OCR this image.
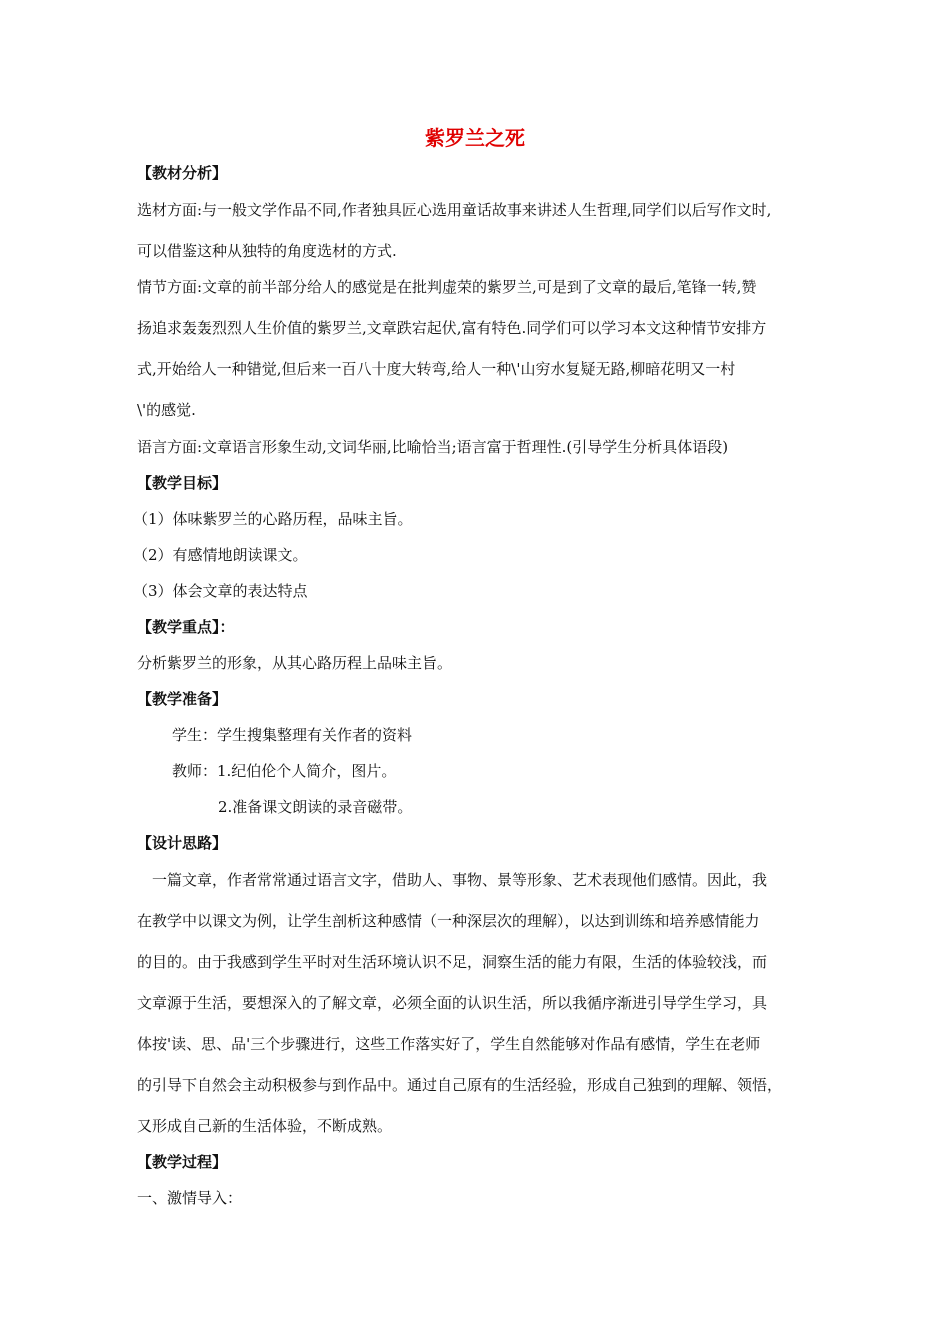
紫罗兰之死
【教材分析】
选材方面:与一般文学作品不同,作者独具匠心选用童话故事来讲述人生哲理,同学们以后写作文时,
可以借鉴这种从独特的角度选材的方式.
情节方面:文章的前半部分给人的感觉是在批判虚荣的紫罗兰,可是到了文章的最后,笔锋一转,赞
扬追求轰轰烈烈人生价值的紫罗兰,文章跌宕起伏,富有特色.同学们可以学习本文这种情节安排方
式,开始给人一种错觉,但后来一百八十度大转弯,给人一种\'山穷水复疑无路,柳暗花明又一村
\'的感觉.
语言方面:文章语言形象生动,文词华丽,比喻恰当;语言富于哲理性.(引导学生分析具体语段)
【教学目标】
（1）体味紫罗兰的心路历程，品味主旨。
（2）有感情地朗读课文。
（3）体会文章的表达特点
【教学重点】：
分析紫罗兰的形象，从其心路历程上品味主旨。
【教学准备】
学生：学生搜集整理有关作者的资料
教师：1.纪伯伦个人简介，图片。
2.准备课文朗读的录音磁带。
【设计思路】
一篇文章，作者常常通过语言文字，借助人、事物、景等形象、艺术表现他们感情。因此，我
在教学中以课文为例，让学生剖析这种感情（一种深层次的理解），以达到训练和培养感情能力
的目的。由于我感到学生平时对生活环境认识不足，洞察生活的能力有限，生活的体验较浅，而
文章源于生活，要想深入的了解文章，必须全面的认识生活，所以我循序渐进引导学生学习，具
体按'读、思、品'三个步骤进行，这些工作落实好了，学生自然能够对作品有感情，学生在老师
的引导下自然会主动积极参与到作品中。通过自己原有的生活经验，形成自己独到的理解、领悟，
又形成自己新的生活体验，不断成熟。
【教学过程】
一、激情导入：
